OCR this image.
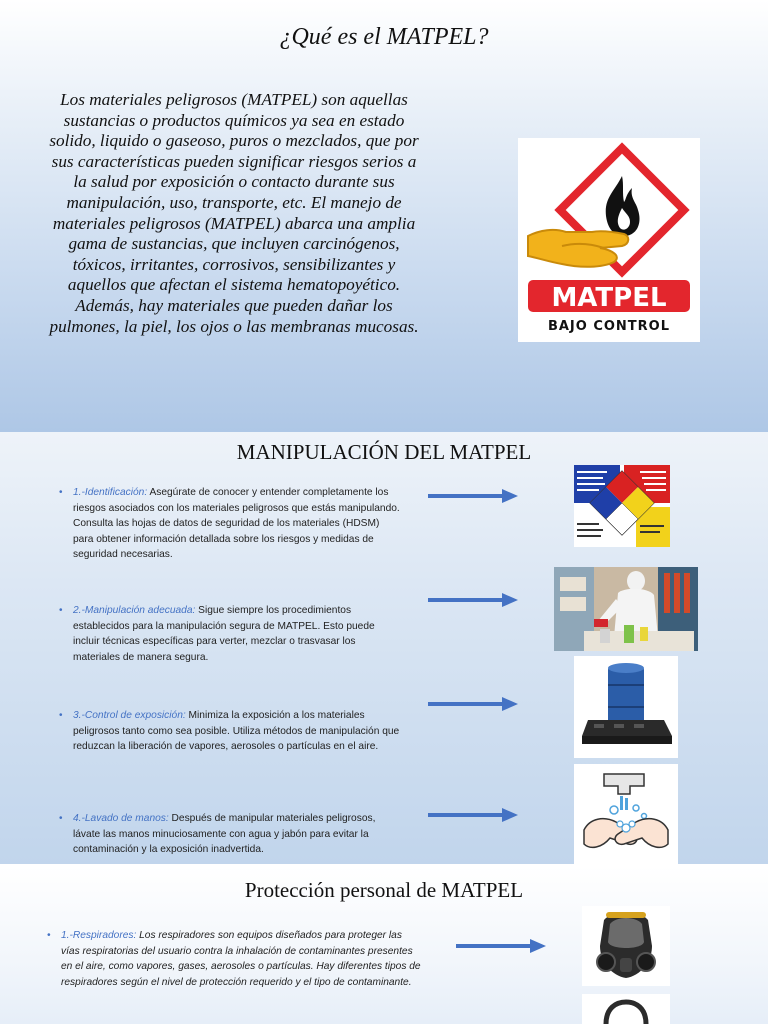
¿Qué es el MATPEL?
Los materiales peligrosos (MATPEL) son aquellas sustancias o productos químicos ya sea en estado solido, liquido o gaseoso, puros o mezclados, que por sus características pueden significar riesgos serios a la salud por exposición o contacto durante sus manipulación, uso, transporte, etc. El manejo de materiales peligrosos (MATPEL) abarca una amplia gama de sustancias, que incluyen carcinógenos, tóxicos, irritantes, corrosivos, sensibilizantes y aquellos que afectan el sistema hematopoyético. Además, hay materiales que pueden dañar los pulmones, la piel, los ojos o las membranas mucosas.
MATPEL
BAJO CONTROL
MANIPULACIÓN DEL MATPEL
• 1.-Identificación: Asegúrate de conocer y entender completamente los riesgos asociados con los materiales peligrosos que estás manipulando. Consulta las hojas de datos de seguridad de los materiales (HDSM) para obtener información detallada sobre los riesgos y medidas de seguridad necesarias.
• 2.-Manipulación adecuada: Sigue siempre los procedimientos establecidos para la manipulación segura de MATPEL. Esto puede incluir técnicas específicas para verter, mezclar o trasvasar los materiales de manera segura.
• 3.-Control de exposición: Minimiza la exposición a los materiales peligrosos tanto como sea posible. Utiliza métodos de manipulación que reduzcan la liberación de vapores, aerosoles o partículas en el aire.
• 4.-Lavado de manos: Después de manipular materiales peligrosos, lávate las manos minuciosamente con agua y jabón para evitar la contaminación y la exposición inadvertida.
Protección personal de MATPEL
• 1.-Respiradores: Los respiradores son equipos diseñados para proteger las vías respiratorias del usuario contra la inhalación de contaminantes presentes en el aire, como vapores, gases, aerosoles o partículas. Hay diferentes tipos de respiradores según el nivel de protección requerido y el tipo de contaminante.
